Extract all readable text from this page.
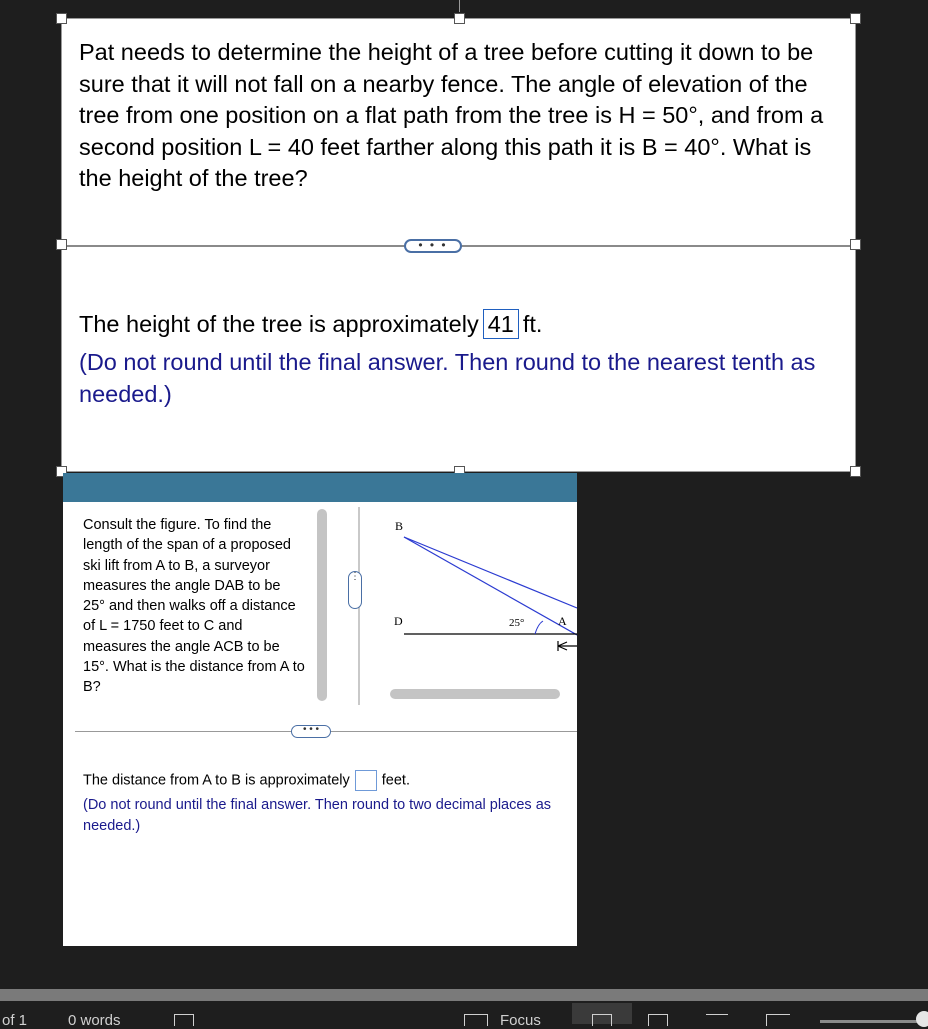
Pat needs to determine the height of a tree before cutting it down to be sure that it will not fall on a nearby fence. The angle of elevation of the tree from one position on a flat path from the tree is H = 50°, and from a second position L = 40 feet farther along this path it is B = 40°. What is the height of the tree?
• • •
The height of the tree is approximately 41 ft.
(Do not round until the final answer. Then round to the nearest tenth as needed.)
Consult the figure. To find the length of the span of a proposed ski lift from A to B, a surveyor measures the angle DAB to be 25° and then walks off a distance of L = 1750 feet to C and measures the angle ACB to be 15°. What is the distance from A to B?
⋮
B
D	25°	A
• • •
The distance from A to B is approximately feet.
(Do not round until the final answer. Then round to two decimal places as needed.)
of 1	0 words	Focus
